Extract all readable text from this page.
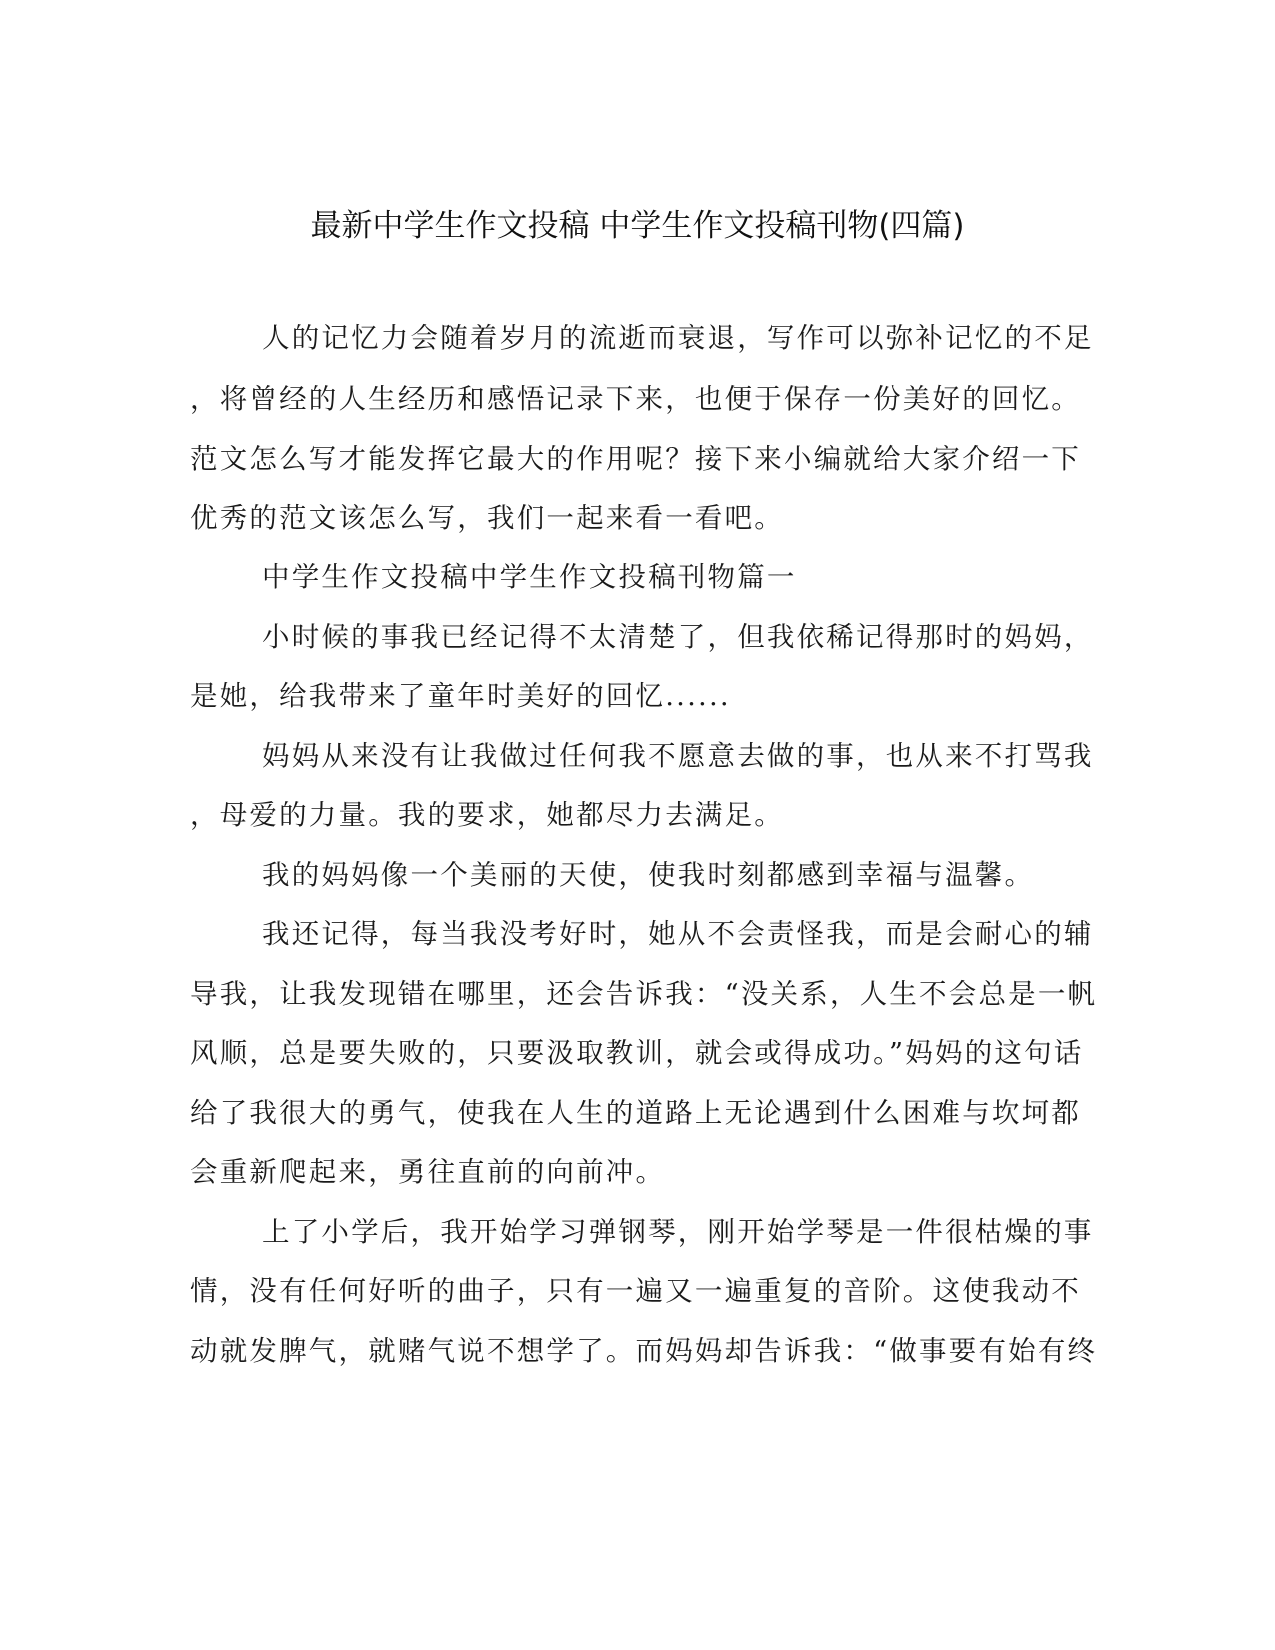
最新中学生作文投稿 中学生作文投稿刊物(四篇)
人的记忆力会随着岁月的流逝而衰退，写作可以弥补记忆的不足
，将曾经的人生经历和感悟记录下来，也便于保存一份美好的回忆。
范文怎么写才能发挥它最大的作用呢？接下来小编就给大家介绍一下
优秀的范文该怎么写，我们一起来看一看吧。
中学生作文投稿中学生作文投稿刊物篇一
小时候的事我已经记得不太清楚了，但我依稀记得那时的妈妈，
是她，给我带来了童年时美好的回忆......
妈妈从来没有让我做过任何我不愿意去做的事，也从来不打骂我
，母爱的力量。我的要求，她都尽力去满足。
我的妈妈像一个美丽的天使，使我时刻都感到幸福与温馨。
我还记得，每当我没考好时，她从不会责怪我，而是会耐心的辅
导我，让我发现错在哪里，还会告诉我：“没关系，人生不会总是一帆
风顺，总是要失败的，只要汲取教训，就会或得成功。”妈妈的这句话
给了我很大的勇气，使我在人生的道路上无论遇到什么困难与坎坷都
会重新爬起来，勇往直前的向前冲。
上了小学后，我开始学习弹钢琴，刚开始学琴是一件很枯燥的事
情，没有任何好听的曲子，只有一遍又一遍重复的音阶。这使我动不
动就发脾气，就赌气说不想学了。而妈妈却告诉我：“做事要有始有终
